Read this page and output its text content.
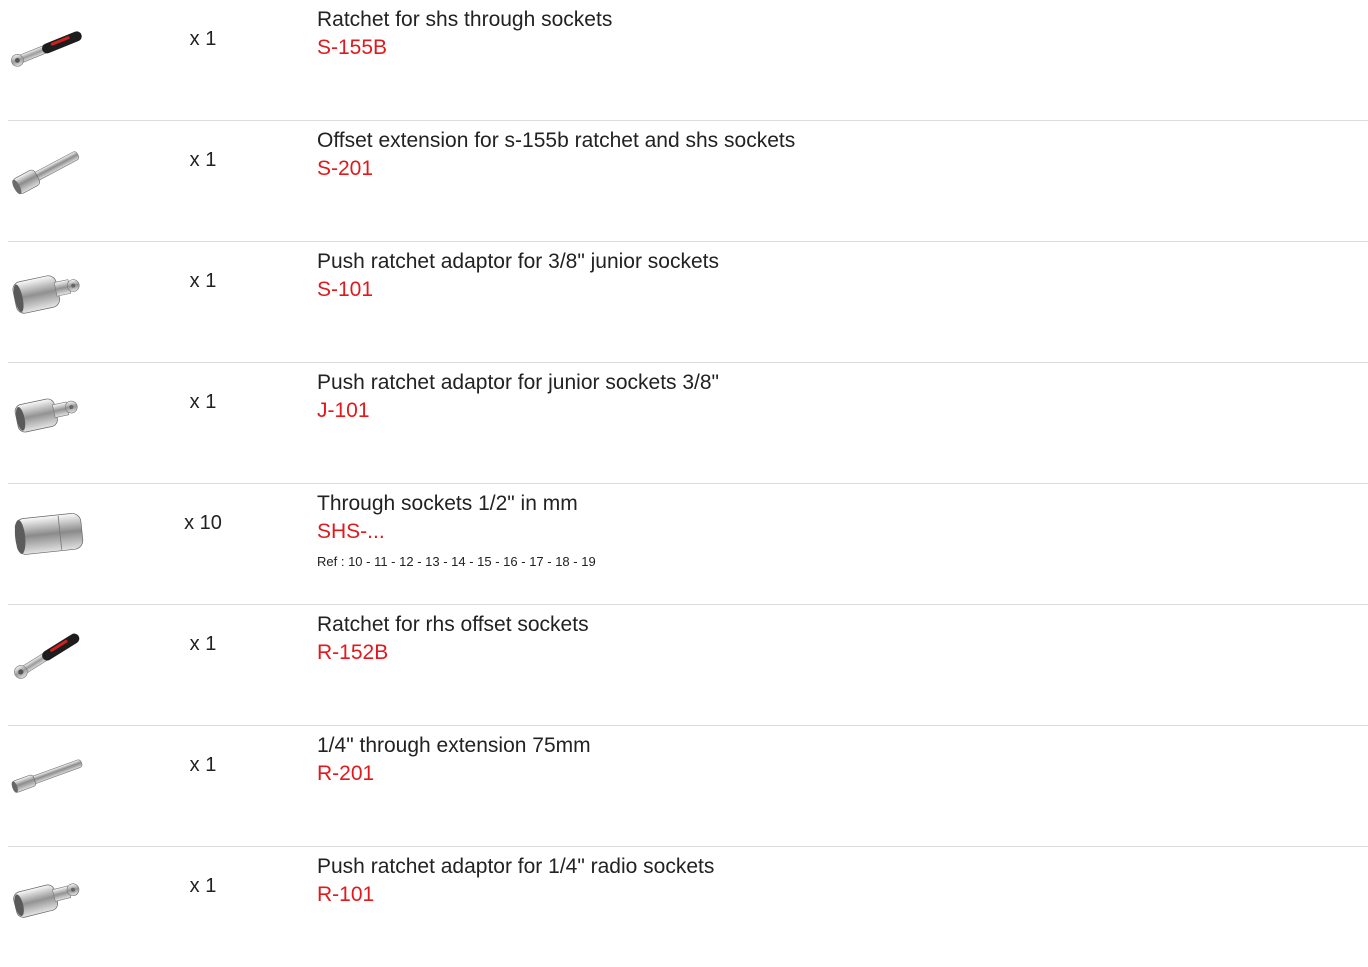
x 1
Ratchet for shs through sockets
S-155B
x 1
Offset extension for s-155b ratchet and shs sockets
S-201
x 1
Push ratchet adaptor for 3/8" junior sockets
S-101
x 1
Push ratchet adaptor for junior sockets 3/8"
J-101
x 10
Through sockets 1/2" in mm
SHS-...
Ref : 10 - 11 - 12 - 13 - 14 - 15 - 16 - 17 - 18 - 19
x 1
Ratchet for rhs offset sockets
R-152B
x 1
1/4" through extension 75mm
R-201
x 1
Push ratchet adaptor for 1/4" radio sockets
R-101
